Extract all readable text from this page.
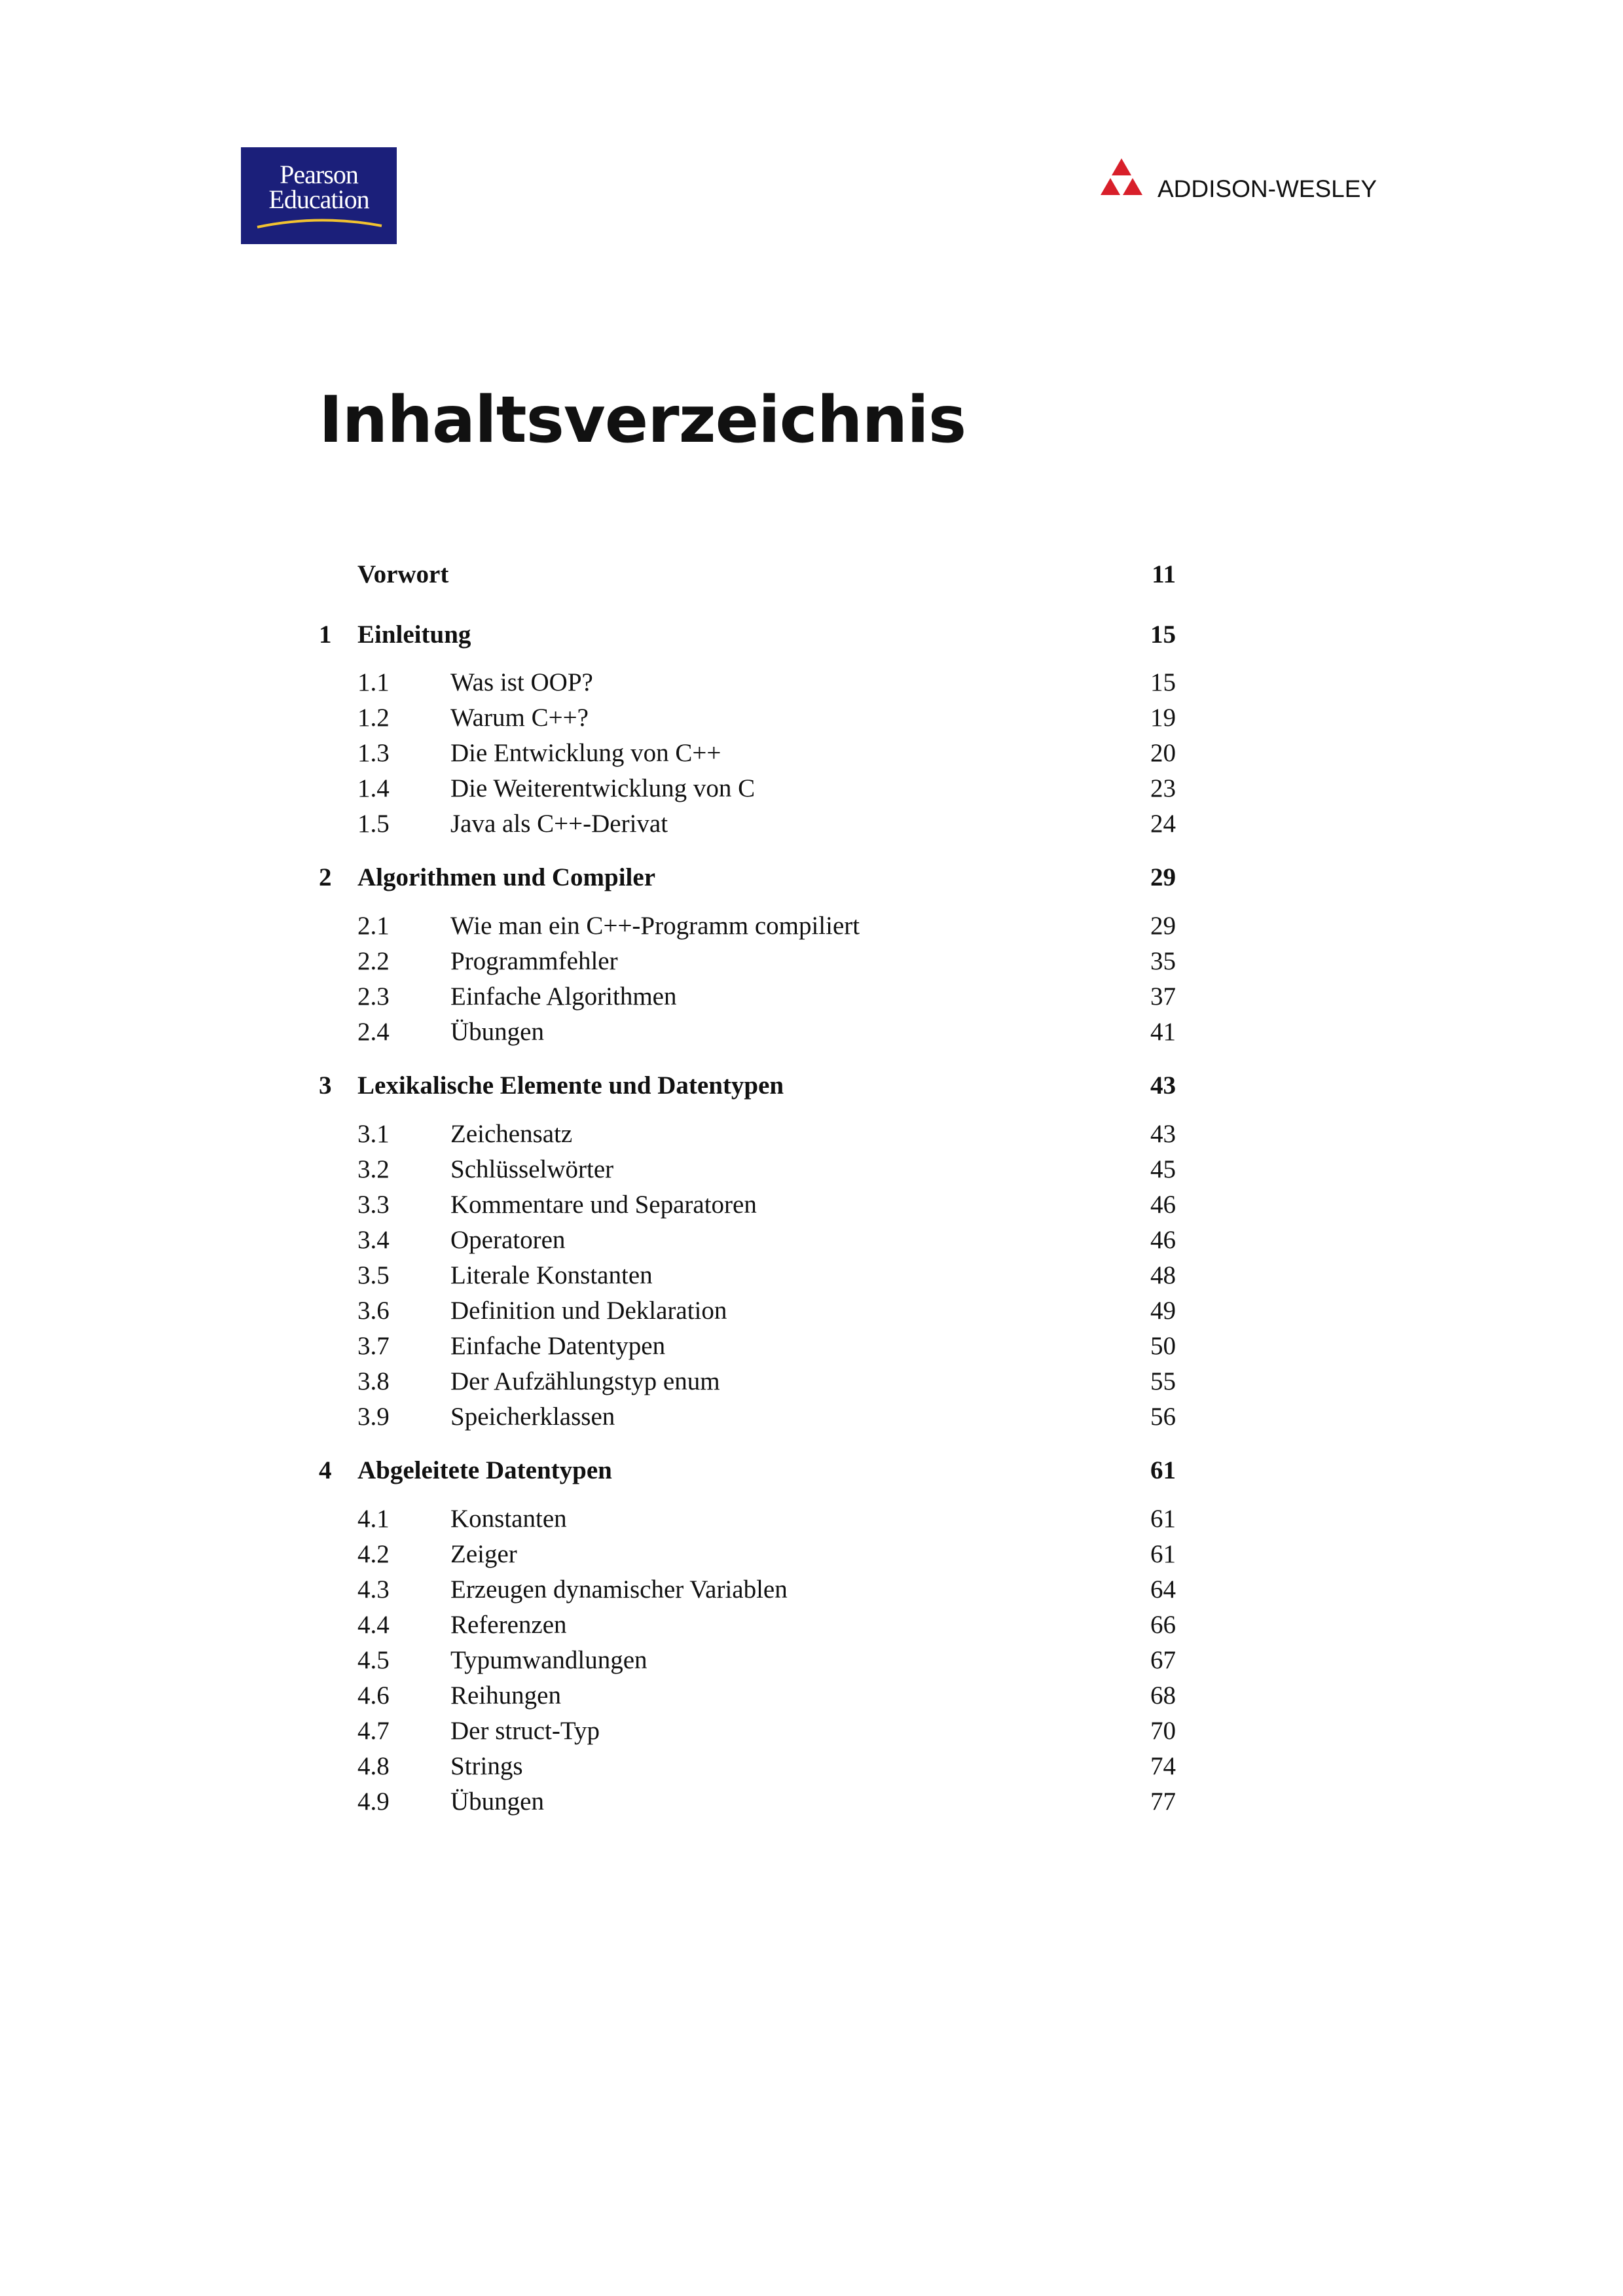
Pearson
Education	ADDISON-WESLEY
Inhaltsverzeichnis
Vorwort	11
1 Einleitung	15
1.1 Was ist OOP?	15
1.2 Warum C++?	19
1.3 Die Entwicklung von C++	20
1.4 Die Weiterentwicklung von C	23
1.5 Java als C++-Derivat	24
2 Algorithmen und Compiler	29
2.1 Wie man ein C++-Programm compiliert	29
2.2 Programmfehler	35
2.3 Einfache Algorithmen	37
2.4 Übungen	41
3 Lexikalische Elemente und Datentypen	43
3.1 Zeichensatz	43
3.2 Schlüsselwörter	45
3.3 Kommentare und Separatoren	46
3.4 Operatoren	46
3.5 Literale Konstanten	48
3.6 Definition und Deklaration	49
3.7 Einfache Datentypen	50
3.8 Der Aufzählungstyp enum	55
3.9 Speicherklassen	56
4 Abgeleitete Datentypen	61
4.1 Konstanten	61
4.2 Zeiger	61
4.3 Erzeugen dynamischer Variablen	64
4.4 Referenzen	66
4.5 Typumwandlungen	67
4.6 Reihungen	68
4.7 Der struct-Typ	70
4.8 Strings	74
4.9 Übungen	77
